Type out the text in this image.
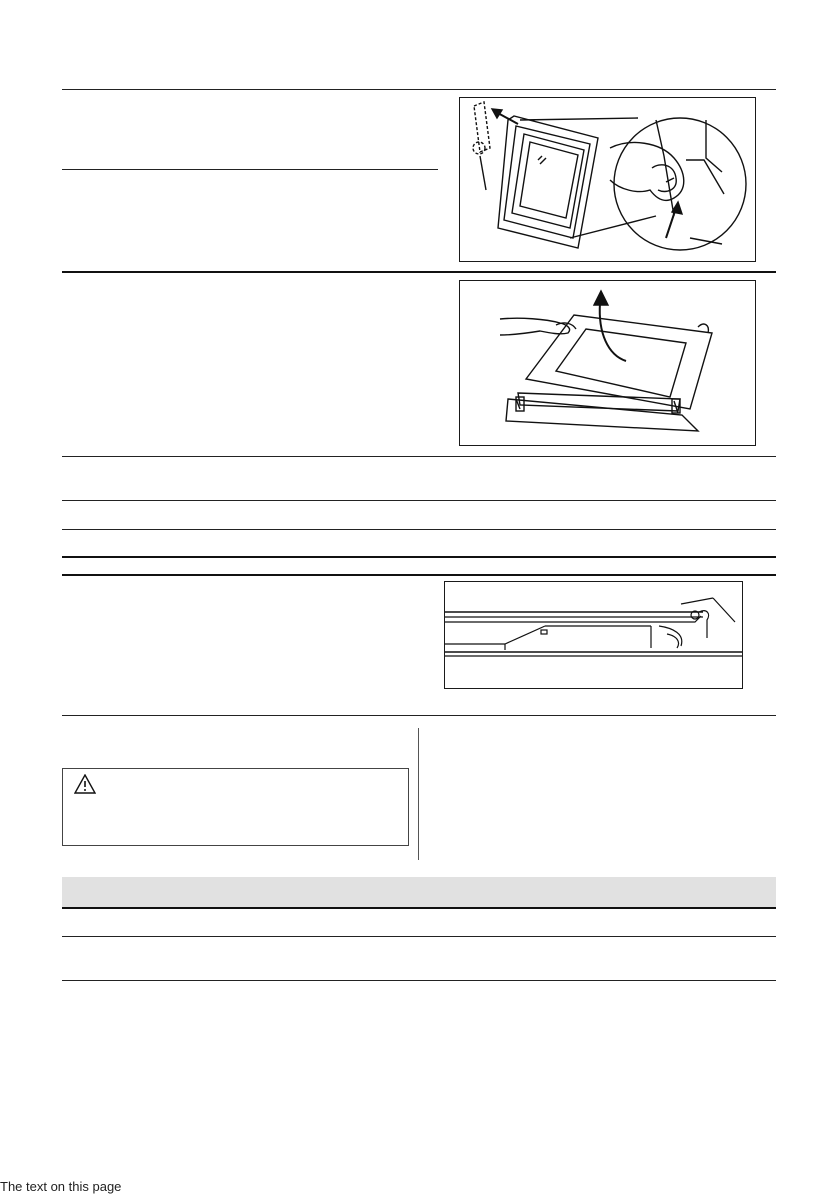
The text on this page
